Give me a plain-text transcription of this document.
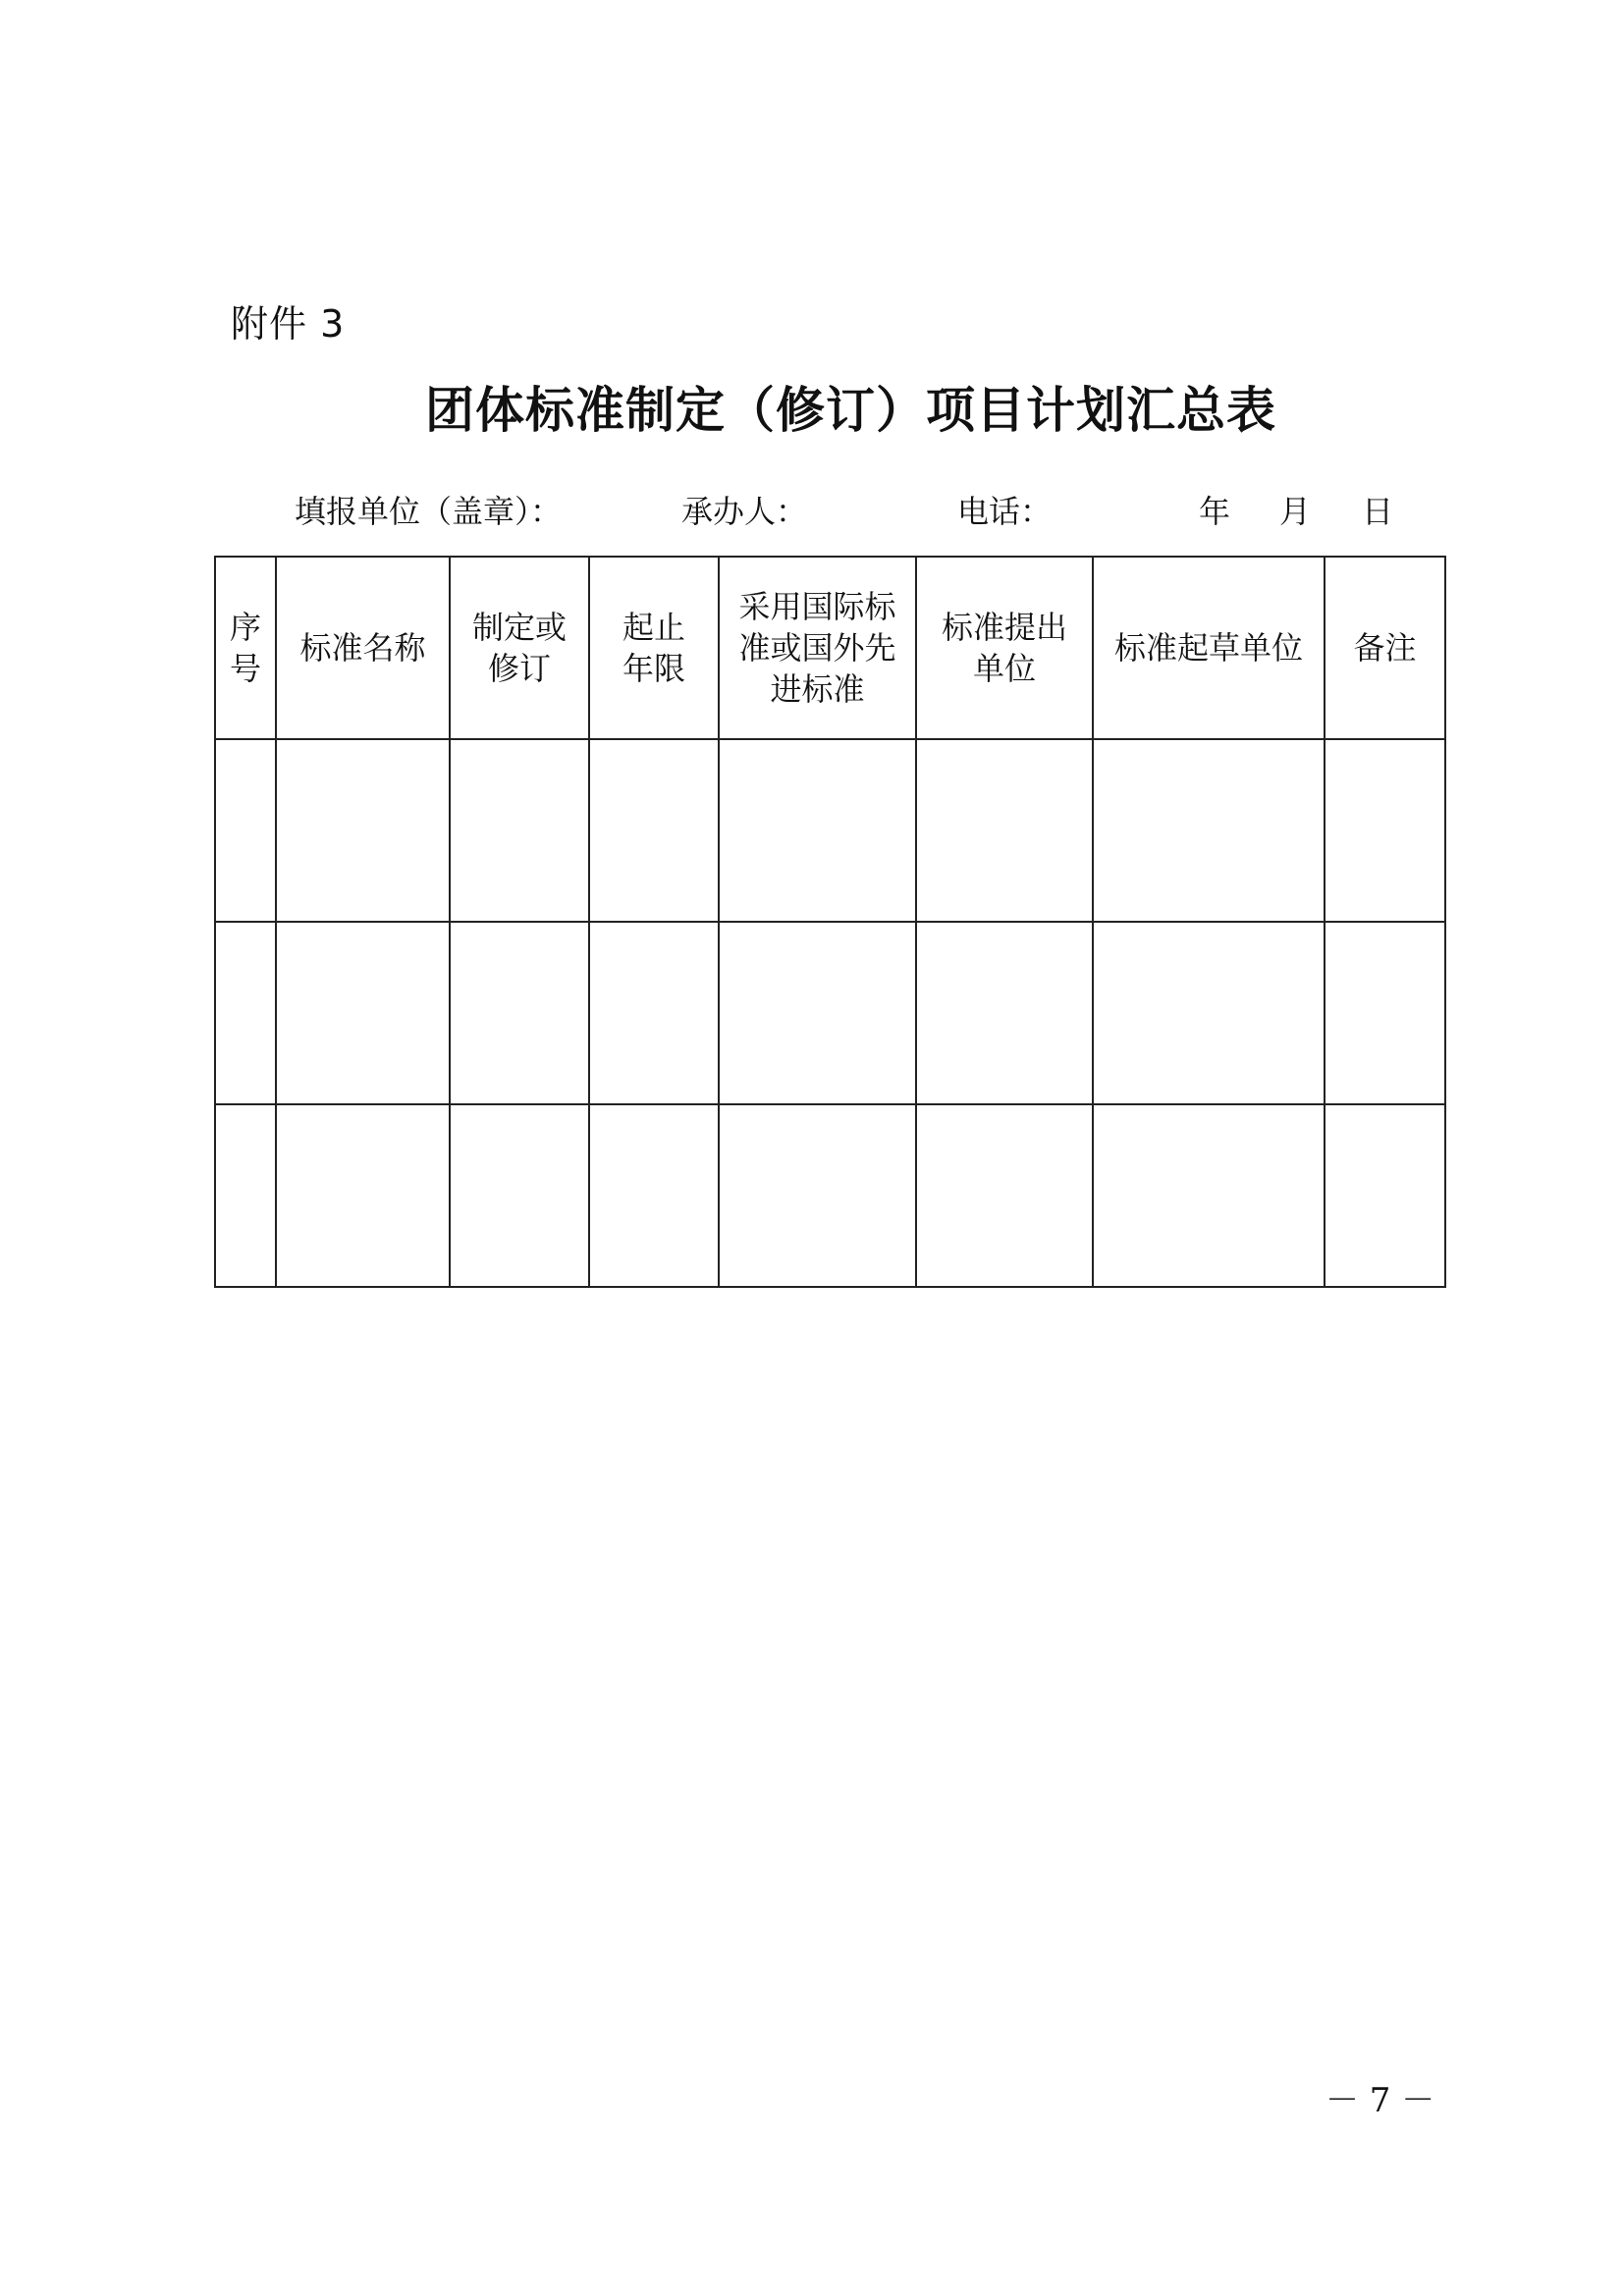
附件 3
团体标准制定（修订）项目计划汇总表
填报单位（盖章）：	承办人：	电话：	年 月 日
序号	标准名称	制定或修订	起止年限	采用国际标准或国外先进标准	标准提出单位	标准起草单位	备注

－ 7 －
